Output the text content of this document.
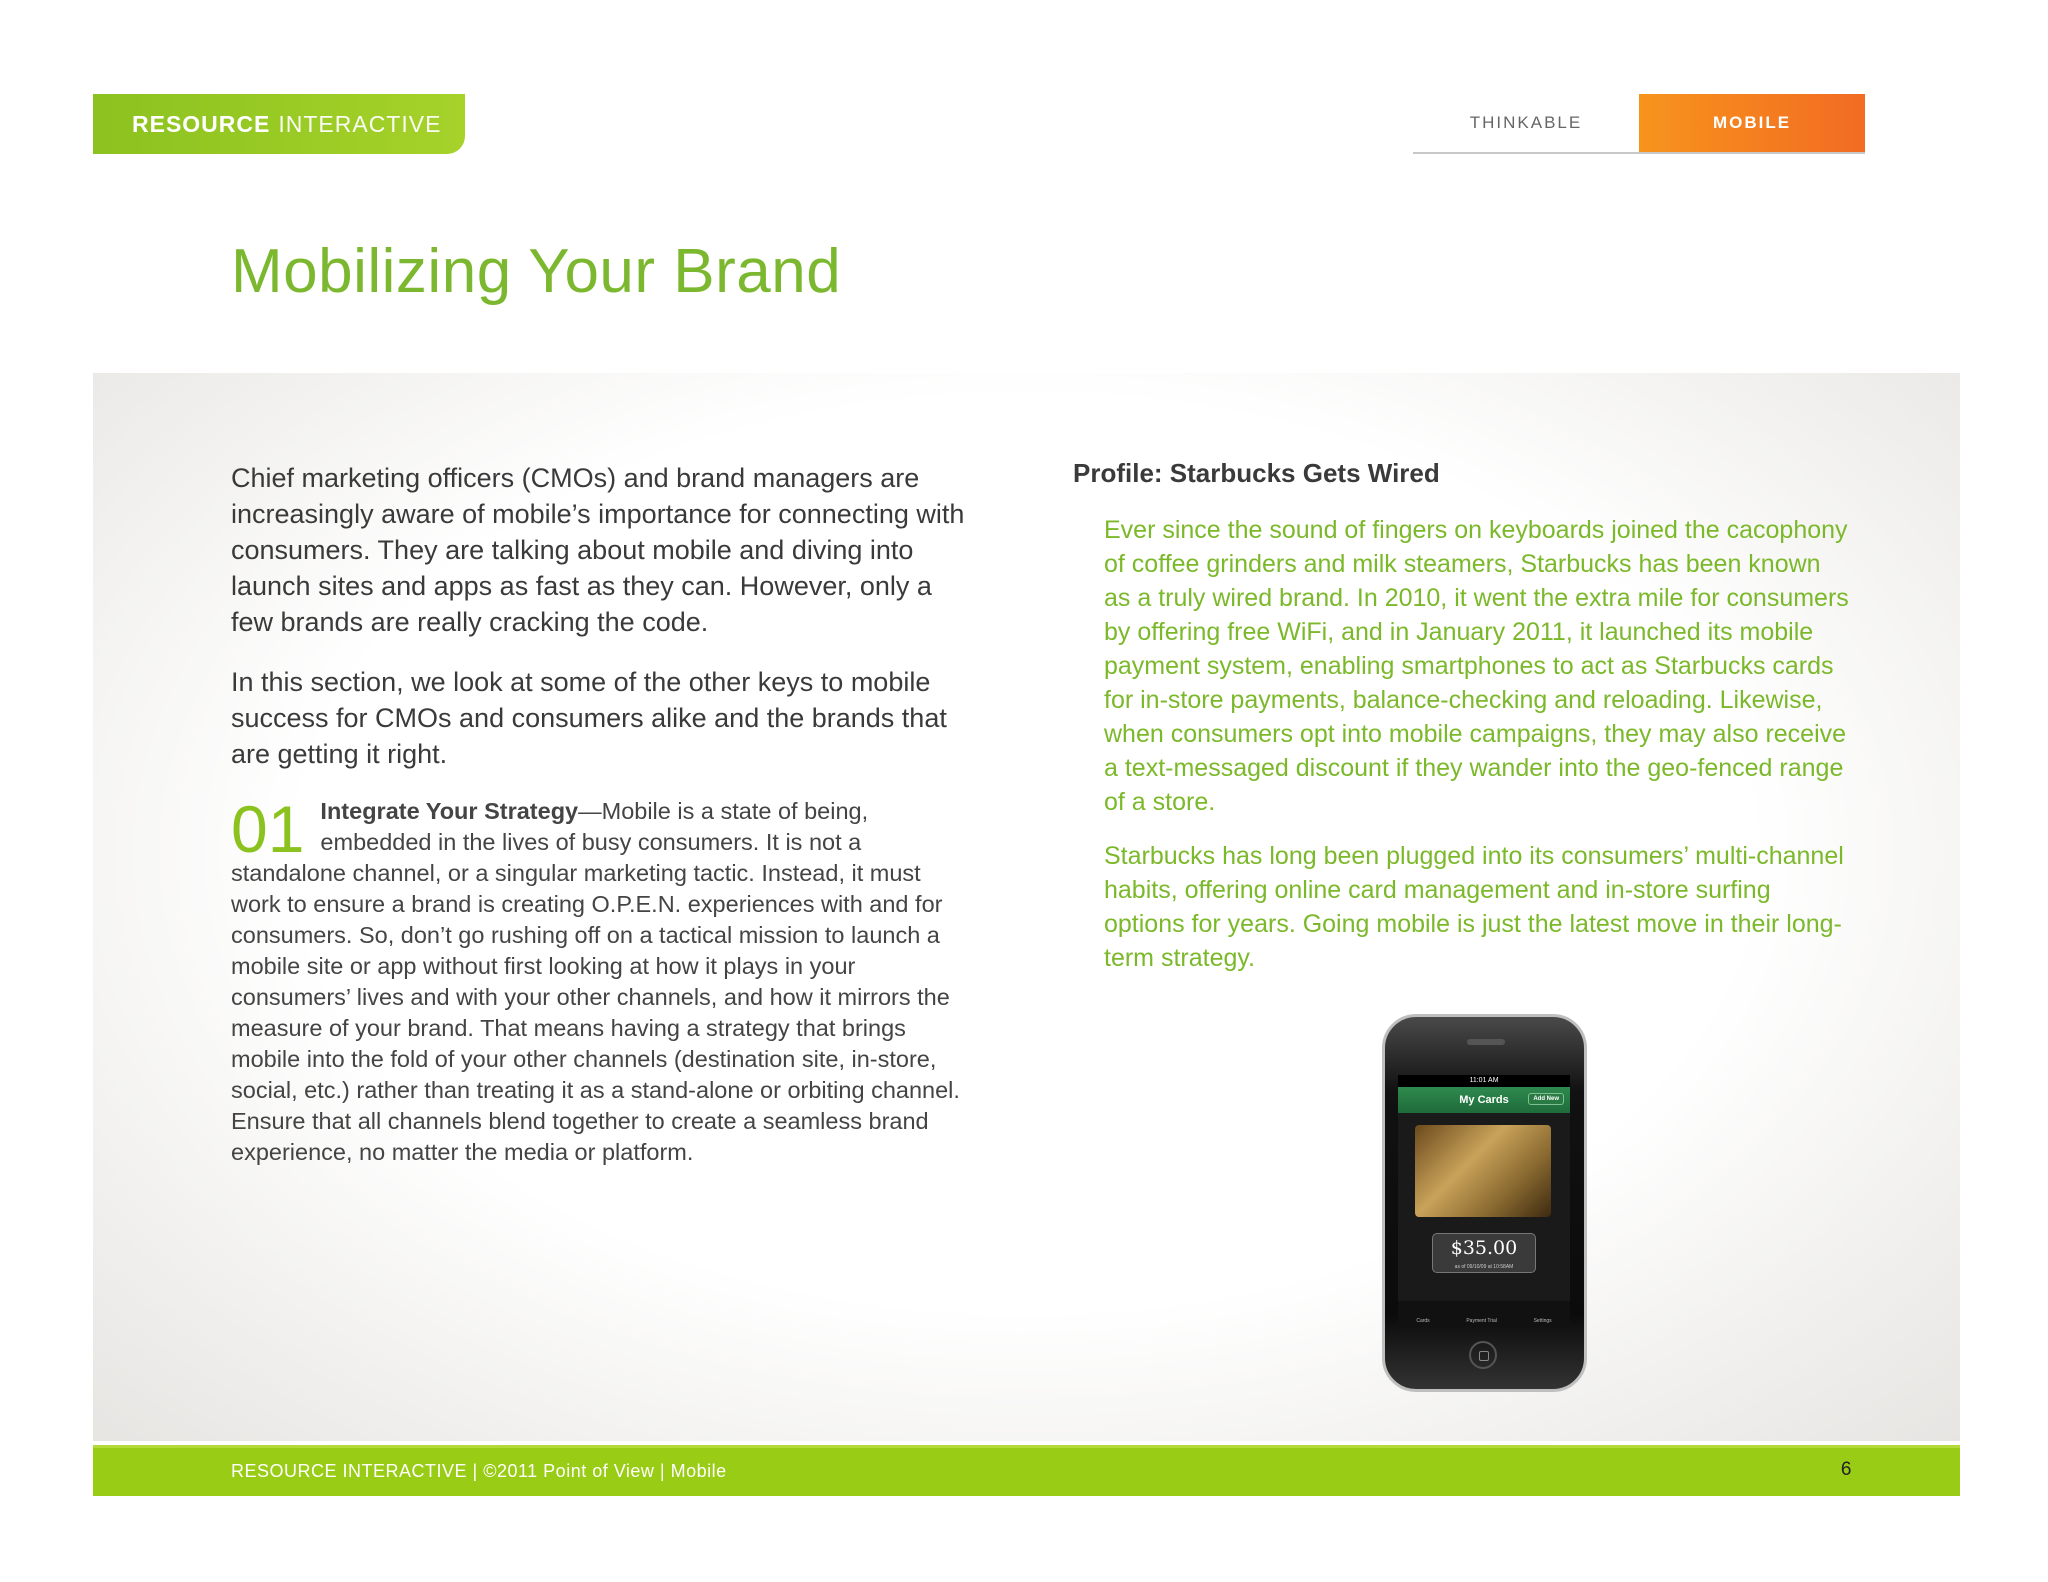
RESOURCE INTERACTIVE	THINKABLE	MOBILE
Mobilizing Your Brand

Chief marketing officers (CMOs) and brand managers are increasingly aware of mobile’s importance for connecting with consumers. They are talking about mobile and diving into launch sites and apps as fast as they can. However, only a few brands are really cracking the code.

In this section, we look at some of the other keys to mobile success for CMOs and consumers alike and the brands that are getting it right.

01 Integrate Your Strategy—Mobile is a state of being, embedded in the lives of busy consumers. It is not a standalone channel, or a singular marketing tactic. Instead, it must work to ensure a brand is creating O.P.E.N. experiences with and for consumers. So, don’t go rushing off on a tactical mission to launch a mobile site or app without first looking at how it plays in your consumers’ lives and with your other channels, and how it mirrors the measure of your brand. That means having a strategy that brings mobile into the fold of your other channels (destination site, in-store, social, etc.) rather than treating it as a stand-alone or orbiting channel. Ensure that all channels blend together to create a seamless brand experience, no matter the media or platform.
Profile: Starbucks Gets Wired

Ever since the sound of fingers on keyboards joined the cacophony of coffee grinders and milk steamers, Starbucks has been known as a truly wired brand. In 2010, it went the extra mile for consumers by offering free WiFi, and in January 2011, it launched its mobile payment system, enabling smartphones to act as Starbucks cards for in-store payments, balance-checking and reloading. Likewise, when consumers opt into mobile campaigns, they may also receive a text-messaged discount if they wander into the geo-fenced range of a store.

Starbucks has long been plugged into its consumers’ multi-channel habits, offering online card management and in-store surfing options for years. Going mobile is just the latest move in their long-term strategy.

11:01 AM
My Cards	Add New
$35.00
as of 09/10/09 at 10:58AM
Cards	Payment Trial	Settings
RESOURCE INTERACTIVE | ©2011 Point of View | Mobile	6
